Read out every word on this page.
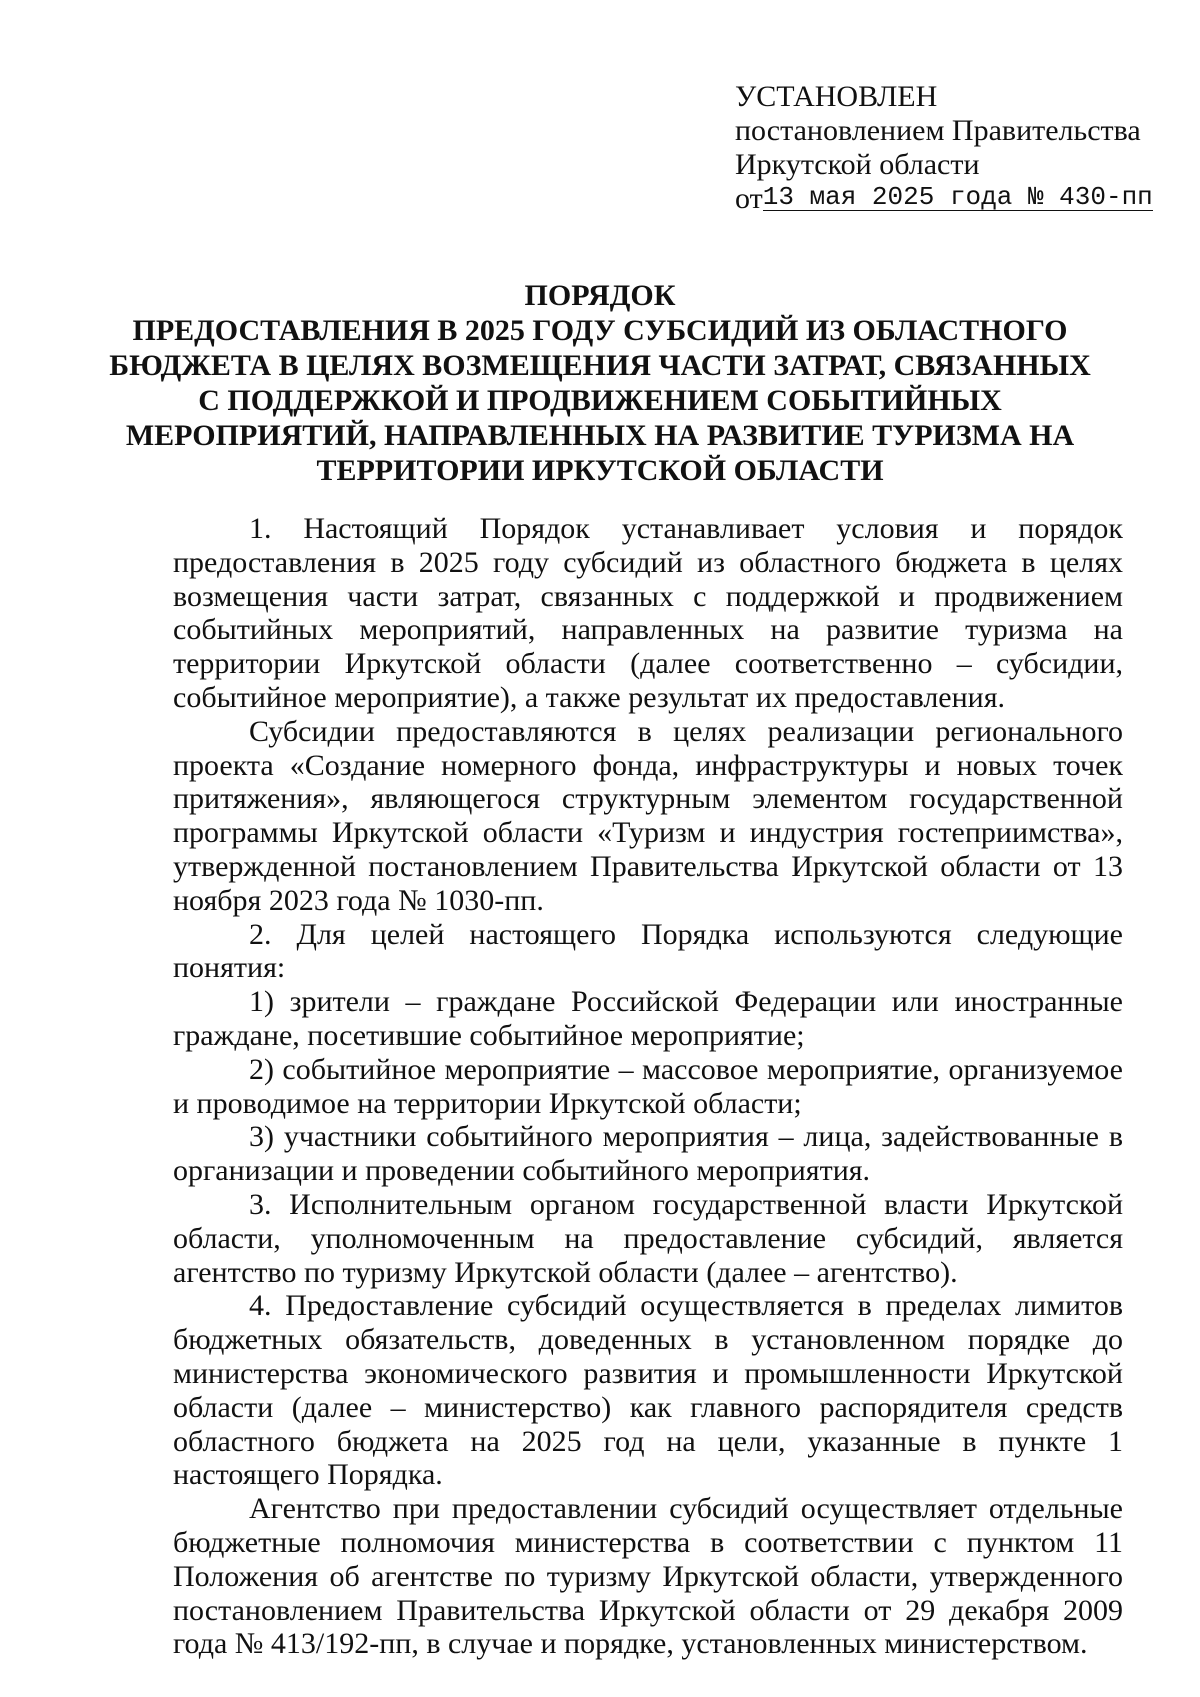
УСТАНОВЛЕН
постановлением Правительства
Иркутской области
от13 мая 2025 года № 430-пп
ПОРЯДОК
ПРЕДОСТАВЛЕНИЯ В 2025 ГОДУ СУБСИДИЙ ИЗ ОБЛАСТНОГО
БЮДЖЕТА В ЦЕЛЯХ ВОЗМЕЩЕНИЯ ЧАСТИ ЗАТРАТ, СВЯЗАННЫХ
С ПОДДЕРЖКОЙ И ПРОДВИЖЕНИЕМ СОБЫТИЙНЫХ
МЕРОПРИЯТИЙ, НАПРАВЛЕННЫХ НА РАЗВИТИЕ ТУРИЗМА НА
ТЕРРИТОРИИ ИРКУТСКОЙ ОБЛАСТИ

1. Настоящий Порядок устанавливает условия и порядок предоставления в 2025 году субсидий из областного бюджета в целях возмещения части затрат, связанных с поддержкой и продвижением событийных мероприятий, направленных на развитие туризма на территории Иркутской области (далее соответственно – субсидии, событийное мероприятие), а также результат их предоставления.

Субсидии предоставляются в целях реализации регионального проекта «Создание номерного фонда, инфраструктуры и новых точек притяжения», являющегося структурным элементом государственной программы Иркутской области «Туризм и индустрия гостеприимства», утвержденной постановлением Правительства Иркутской области от 13 ноября 2023 года № 1030-пп.

2. Для целей настоящего Порядка используются следующие понятия:

1) зрители – граждане Российской Федерации или иностранные граждане, посетившие событийное мероприятие;

2) событийное мероприятие – массовое мероприятие, организуемое и проводимое на территории Иркутской области;

3) участники событийного мероприятия – лица, задействованные в организации и проведении событийного мероприятия.

3. Исполнительным органом государственной власти Иркутской области, уполномоченным на предоставление субсидий, является агентство по туризму Иркутской области (далее – агентство).

4. Предоставление субсидий осуществляется в пределах лимитов бюджетных обязательств, доведенных в установленном порядке до министерства экономического развития и промышленности Иркутской области (далее – министерство) как главного распорядителя средств областного бюджета на 2025 год на цели, указанные в пункте 1 настоящего Порядка.

Агентство при предоставлении субсидий осуществляет отдельные бюджетные полномочия министерства в соответствии с пунктом 11 Положения об агентстве по туризму Иркутской области, утвержденного постановлением Правительства Иркутской области от 29 декабря 2009 года № 413/192-пп, в случае и порядке, установленных министерством.
